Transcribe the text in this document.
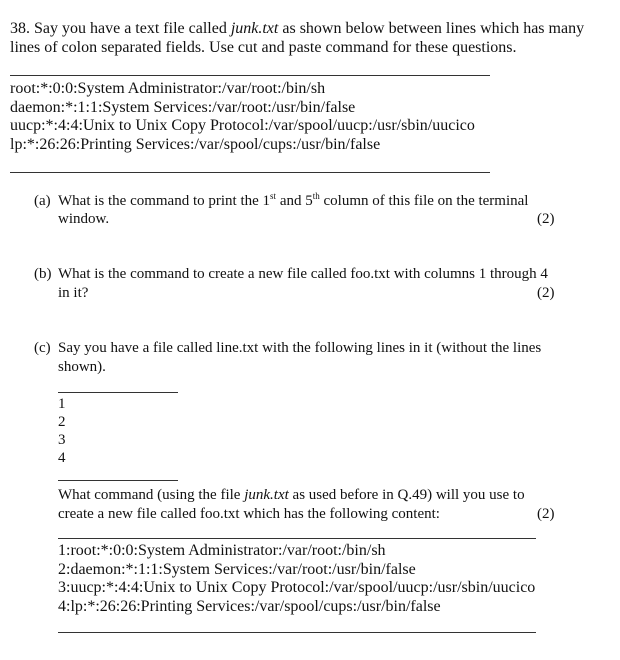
38. Say you have a text file called junk.txt as shown below between lines which has many
lines of colon separated fields. Use cut and paste command for these questions.
root:*:0:0:System Administrator:/var/root:/bin/sh
daemon:*:1:1:System Services:/var/root:/usr/bin/false
uucp:*:4:4:Unix to Unix Copy Protocol:/var/spool/uucp:/usr/sbin/uucico
lp:*:26:26:Printing Services:/var/spool/cups:/usr/bin/false
(a) What is the command to print the 1st and 5th column of this file on the terminal
window.	(2)
(b) What is the command to create a new file called foo.txt with columns 1 through 4
in it?	(2)
(c) Say you have a file called line.txt with the following lines in it (without the lines
shown).
1
2
3
4
What command (using the file junk.txt as used before in Q.49) will you use to
create a new file called foo.txt which has the following content:	(2)
1:root:*:0:0:System Administrator:/var/root:/bin/sh
2:daemon:*:1:1:System Services:/var/root:/usr/bin/false
3:uucp:*:4:4:Unix to Unix Copy Protocol:/var/spool/uucp:/usr/sbin/uucico
4:lp:*:26:26:Printing Services:/var/spool/cups:/usr/bin/false
